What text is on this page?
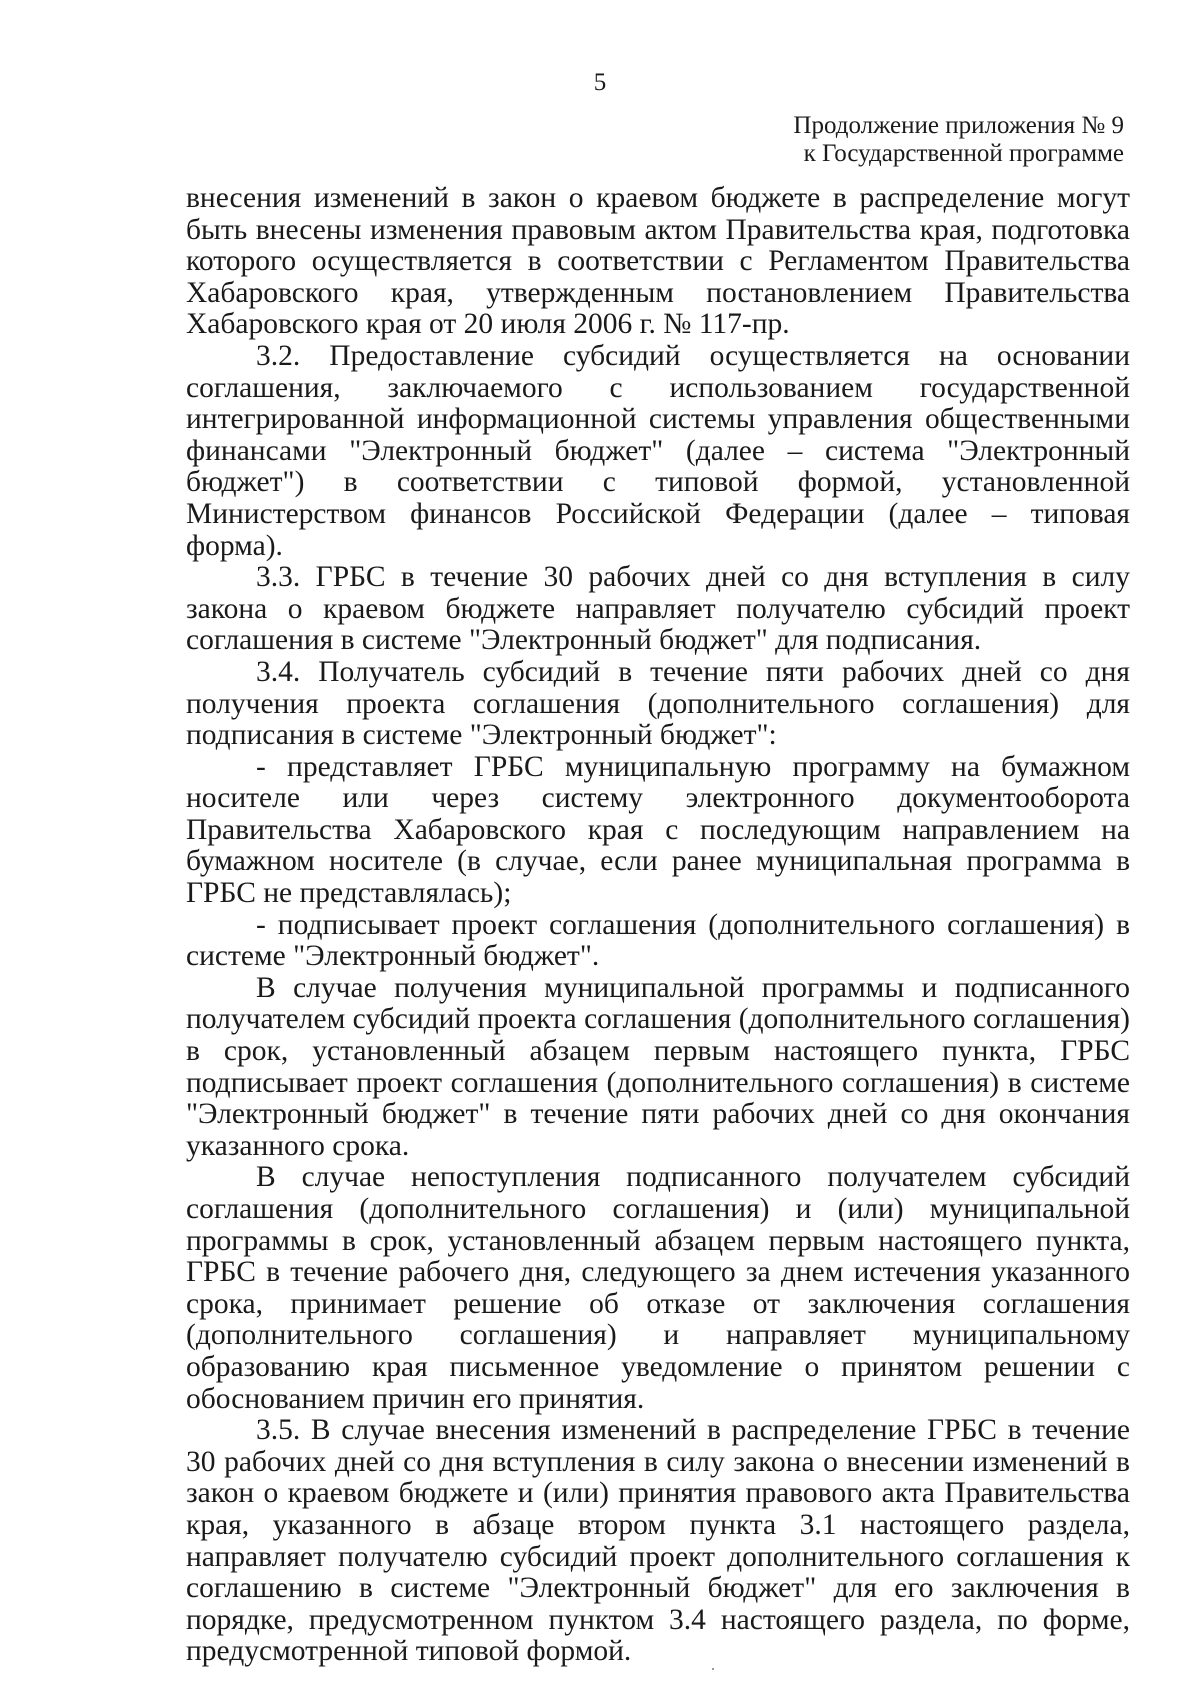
5
Продолжение приложения № 9
к Государственной программе

внесения изменений в закон о краевом бюджете в распределение могут быть внесены изменения правовым актом Правительства края, подготовка которого осуществляется в соответствии с Регламентом Правительства Хабаровского края, утвержденным постановлением Правительства Хабаровского края от 20 июля 2006 г. № 117-пр.

3.2. Предоставление субсидий осуществляется на основании соглашения, заключаемого с использованием государственной интегрированной информационной системы управления общественными финансами "Электронный бюджет" (далее – система "Электронный бюджет") в соответствии с типовой формой, установленной Министерством финансов Российской Федерации (далее – типовая форма).

3.3. ГРБС в течение 30 рабочих дней со дня вступления в силу закона о краевом бюджете направляет получателю субсидий проект соглашения в системе "Электронный бюджет" для подписания.

3.4. Получатель субсидий в течение пяти рабочих дней со дня получения проекта соглашения (дополнительного соглашения) для подписания в системе "Электронный бюджет":

- представляет ГРБС муниципальную программу на бумажном носителе или через систему электронного документооборота Правительства Хабаровского края с последующим направлением на бумажном носителе (в случае, если ранее муниципальная программа в ГРБС не представлялась);

- подписывает проект соглашения (дополнительного соглашения) в системе "Электронный бюджет".

В случае получения муниципальной программы и подписанного получателем субсидий проекта соглашения (дополнительного соглашения) в срок, установленный абзацем первым настоящего пункта, ГРБС подписывает проект соглашения (дополнительного соглашения) в системе "Электронный бюджет" в течение пяти рабочих дней со дня окончания указанного срока.

В случае непоступления подписанного получателем субсидий соглашения (дополнительного соглашения) и (или) муниципальной программы в срок, установленный абзацем первым настоящего пункта, ГРБС в течение рабочего дня, следующего за днем истечения указанного срока, принимает решение об отказе от заключения соглашения (дополнительного соглашения) и направляет муниципальному образованию края письменное уведомление о принятом решении с обоснованием причин его принятия.

3.5. В случае внесения изменений в распределение ГРБС в течение 30 рабочих дней со дня вступления в силу закона о внесении изменений в закон о краевом бюджете и (или) принятия правового акта Правительства края, указанного в абзаце втором пункта 3.1 настоящего раздела, направляет получателю субсидий проект дополнительного соглашения к соглашению в системе "Электронный бюджет" для его заключения в порядке, предусмотренном пунктом 3.4 настоящего раздела, по форме, предусмотренной типовой формой.
